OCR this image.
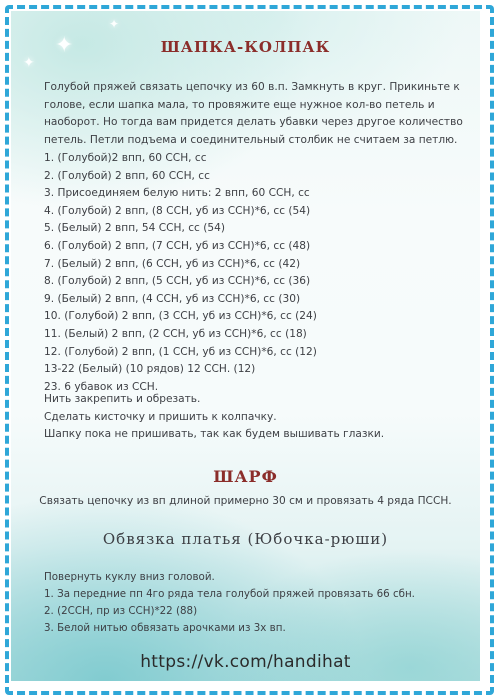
✦
✦
✦
ШАПКА-КОЛПАК
Голубой пряжей связать цепочку из 60 в.п. Замкнуть в круг. Прикиньте к голове, если шапка мала, то провяжите еще нужное кол-во петель и наоборот. Но тогда вам придется делать убавки через другое количество петель. Петли подъема и соединительный столбик не считаем за петлю.
1. (Голубой)2 впп, 60 ССН, сс
2. (Голубой) 2 впп, 60 ССН, сс
3. Присоединяем белую нить: 2 впп, 60 ССН, сс
4. (Голубой) 2 впп, (8 ССН, уб из ССН)*6, сс (54)
5. (Белый) 2 впп, 54 ССН, сс (54)
6. (Голубой) 2 впп, (7 ССН, уб из ССН)*6, сс (48)
7. (Белый) 2 впп, (6 ССН, уб из ССН)*6, сс (42)
8. (Голубой) 2 впп, (5 ССН, уб из ССН)*6, сс (36)
9. (Белый) 2 впп, (4 ССН, уб из ССН)*6, сс (30)
10. (Голубой) 2 впп, (3 ССН, уб из ССН)*6, сс (24)
11. (Белый) 2 впп, (2 ССН, уб из ССН)*6, сс (18)
12. (Голубой) 2 впп, (1 ССН, уб из ССН)*6, сс (12)
13-22 (Белый) (10 рядов) 12 ССН. (12)
23. 6 убавок из ССН.
Нить закрепить и обрезать.
Сделать кисточку и пришить к колпачку.
Шапку пока не пришивать, так как будем вышивать глазки.
ШАРФ
Связать цепочку из вп длиной примерно 30 см и провязать 4 ряда ПССН.
Обвязка платья (Юбочка-рюши)
Повернуть куклу вниз головой.
1. За передние пп 4го ряда тела голубой пряжей провязать 66 сбн.
2. (2ССН, пр из ССН)*22 (88)
3. Белой нитью обвязать арочками из 3х вп.
https://vk.com/handihat
